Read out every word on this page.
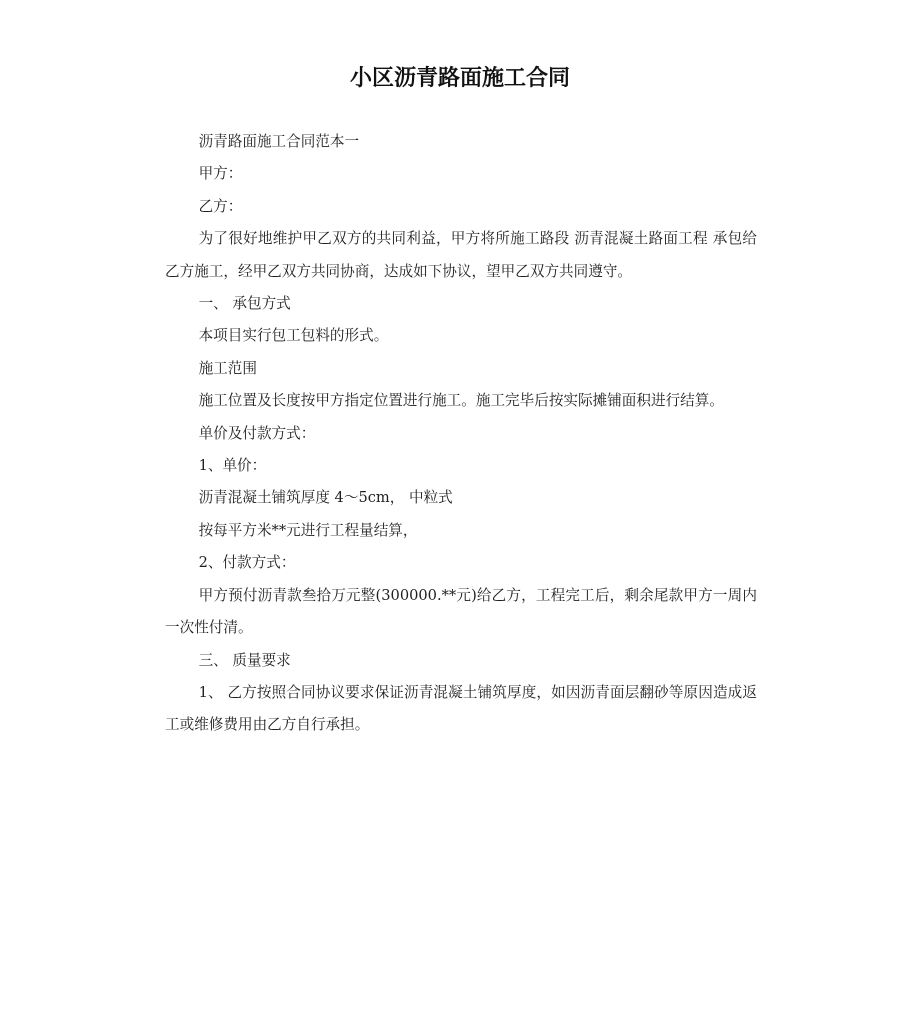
小区沥青路面施工合同

沥青路面施工合同范本一

甲方：

乙方：

为了很好地维护甲乙双方的共同利益，甲方将所施工路段 沥青混凝土路面工程 承包给乙方施工，经甲乙双方共同协商，达成如下协议，望甲乙双方共同遵守。

一、 承包方式

本项目实行包工包料的形式。

施工范围

施工位置及长度按甲方指定位置进行施工。施工完毕后按实际摊铺面积进行结算。

单价及付款方式：

1、单价：

沥青混凝土铺筑厚度 4～5cm， 中粒式

按每平方米**元进行工程量结算，

2、付款方式：

甲方预付沥青款叁拾万元整(300000.**元)给乙方，工程完工后，剩余尾款甲方一周内一次性付清。

三、 质量要求

1、 乙方按照合同协议要求保证沥青混凝土铺筑厚度，如因沥青面层翻砂等原因造成返工或维修费用由乙方自行承担。
